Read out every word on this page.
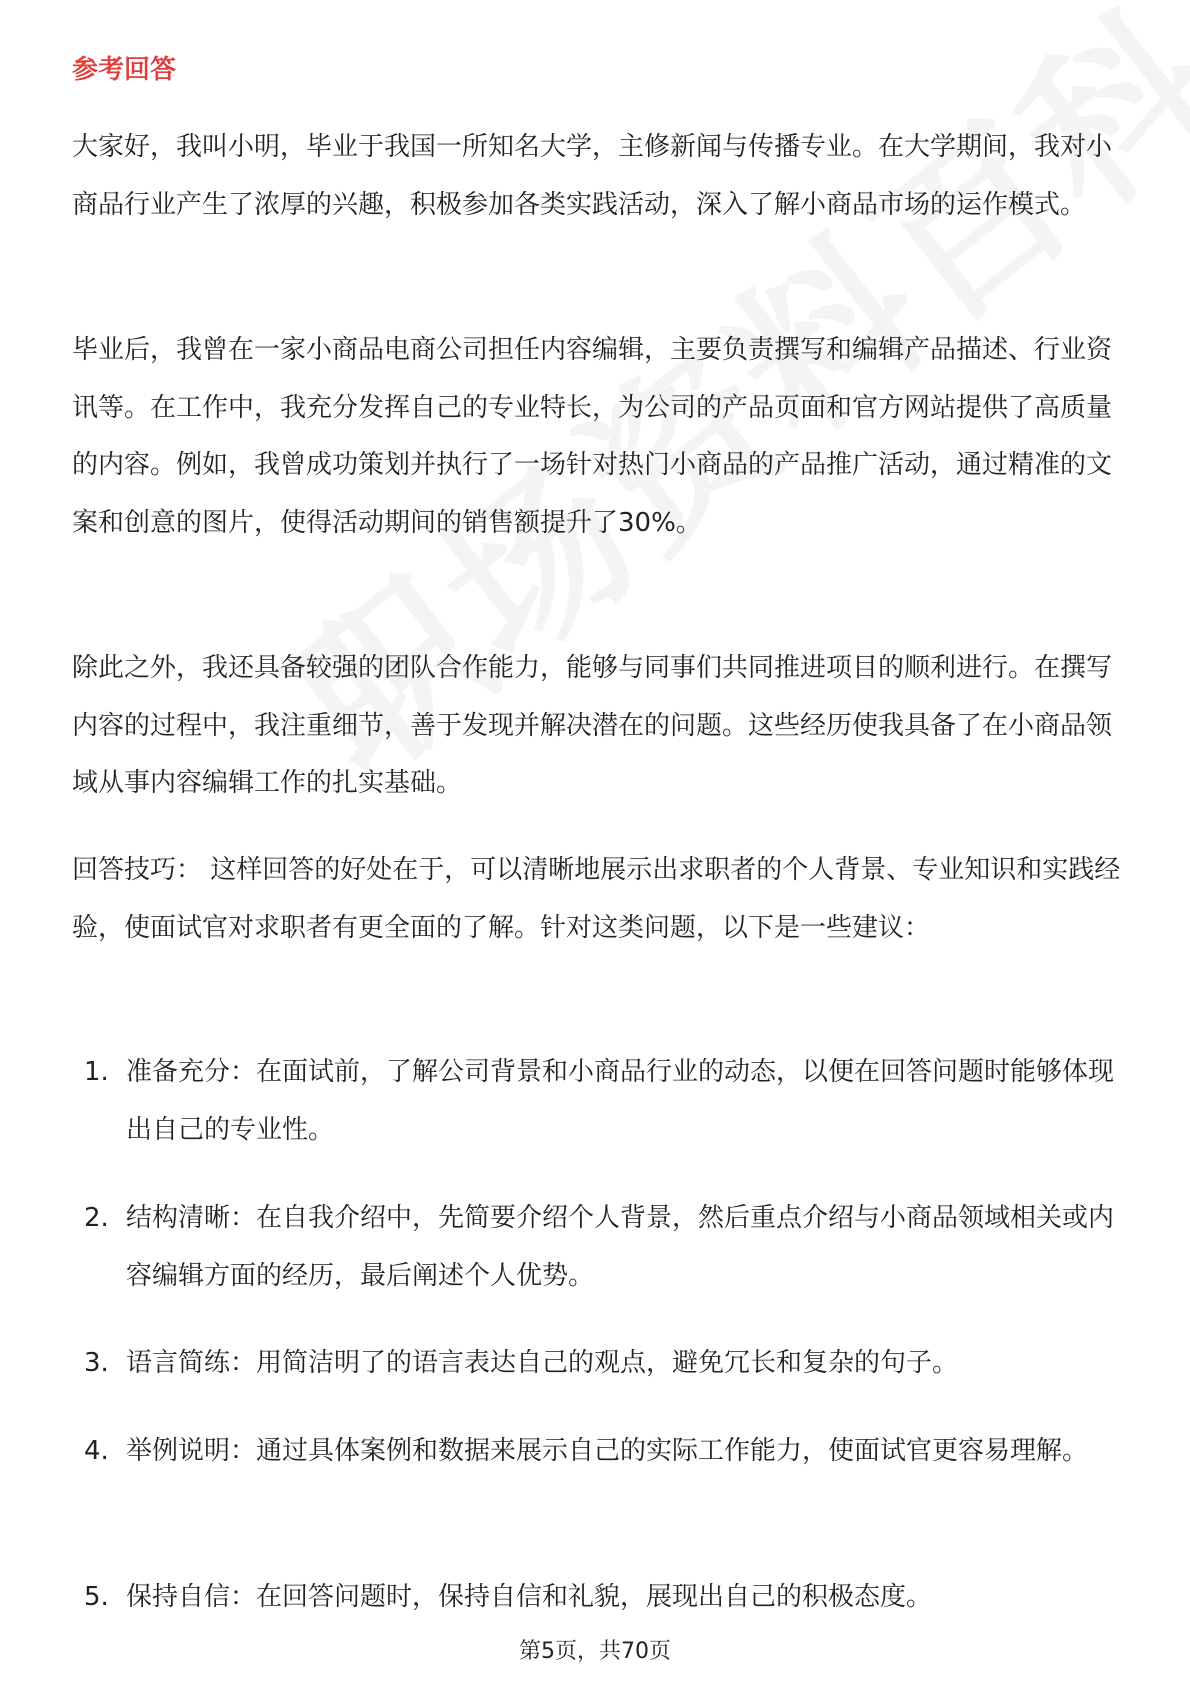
参考回答

大家好，我叫小明，毕业于我国一所知名大学，主修新闻与传播专业。在大学期间，我对小商品行业产生了浓厚的兴趣，积极参加各类实践活动，深入了解小商品市场的运作模式。

毕业后，我曾在一家小商品电商公司担任内容编辑，主要负责撰写和编辑产品描述、行业资讯等。在工作中，我充分发挥自己的专业特长，为公司的产品页面和官方网站提供了高质量的内容。例如，我曾成功策划并执行了一场针对热门小商品的产品推广活动，通过精准的文案和创意的图片，使得活动期间的销售额提升了30%。

除此之外，我还具备较强的团队合作能力，能够与同事们共同推进项目的顺利进行。在撰写内容的过程中，我注重细节，善于发现并解决潜在的问题。这些经历使我具备了在小商品领域从事内容编辑工作的扎实基础。

回答技巧： 这样回答的好处在于，可以清晰地展示出求职者的个人背景、专业知识和实践经验，使面试官对求职者有更全面的了解。针对这类问题，以下是一些建议：

1. 准备充分：在面试前，了解公司背景和小商品行业的动态，以便在回答问题时能够体现出自己的专业性。

2. 结构清晰：在自我介绍中，先简要介绍个人背景，然后重点介绍与小商品领域相关或内容编辑方面的经历，最后阐述个人优势。

3. 语言简练：用简洁明了的语言表达自己的观点，避免冗长和复杂的句子。

4. 举例说明：通过具体案例和数据来展示自己的实际工作能力，使面试官更容易理解。

5. 保持自信：在回答问题时，保持自信和礼貌，展现出自己的积极态度。

第5页，共70页
